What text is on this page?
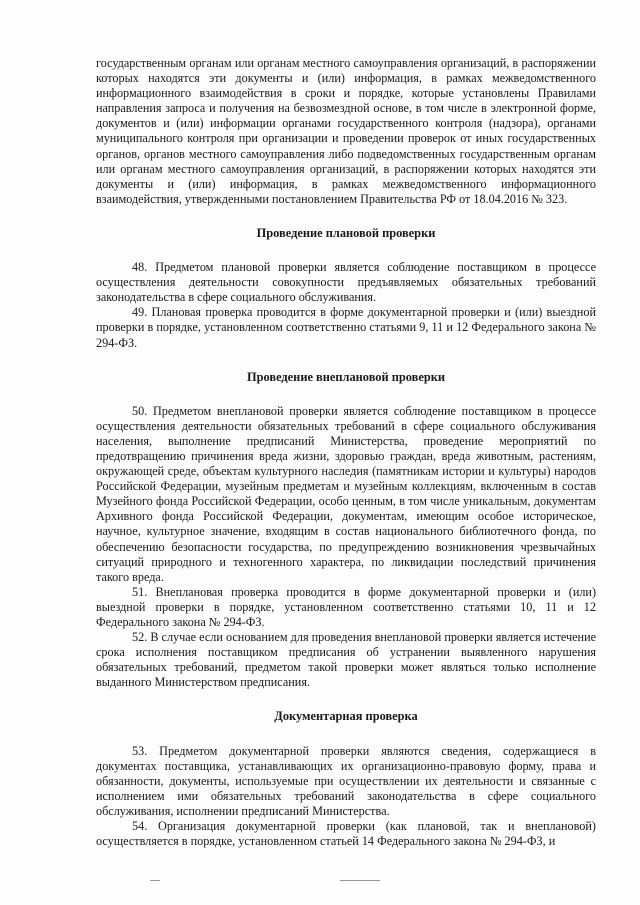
государственным органам или органам местного самоуправления организаций, в распоряжении которых находятся эти документы и (или) информация, в рамках межведомственного информационного взаимодействия в сроки и порядке, которые установлены Правилами направления запроса и получения на безвозмездной основе, в том числе в электронной форме, документов и (или) информации органами государственного контроля (надзора), органами муниципального контроля при организации и проведении проверок от иных государственных органов, органов местного самоуправления либо подведомственных государственным органам или органам местного самоуправления организаций, в распоряжении которых находятся эти документы и (или) информация, в рамках межведомственного информационного взаимодействия, утвержденными постановлением Правительства РФ от 18.04.2016 № 323.

Проведение плановой проверки

48. Предметом плановой проверки является соблюдение поставщиком в процессе осуществления деятельности совокупности предъявляемых обязательных требований законодательства в сфере социального обслуживания.

49. Плановая проверка проводится в форме документарной проверки и (или) выездной проверки в порядке, установленном соответственно статьями 9, 11 и 12 Федерального закона № 294-ФЗ.

Проведение внеплановой проверки

50. Предметом внеплановой проверки является соблюдение поставщиком в процессе осуществления деятельности обязательных требований в сфере социального обслуживания населения, выполнение предписаний Министерства, проведение мероприятий по предотвращению причинения вреда жизни, здоровью граждан, вреда животным, растениям, окружающей среде, объектам культурного наследия (памятникам истории и культуры) народов Российской Федерации, музейным предметам и музейным коллекциям, включенным в состав Музейного фонда Российской Федерации, особо ценным, в том числе уникальным, документам Архивного фонда Российской Федерации, документам, имеющим особое историческое, научное, культурное значение, входящим в состав национального библиотечного фонда, по обеспечению безопасности государства, по предупреждению возникновения чрезвычайных ситуаций природного и техногенного характера, по ликвидации последствий причинения такого вреда.

51. Внеплановая проверка проводится в форме документарной проверки и (или) выездной проверки в порядке, установленном соответственно статьями 10, 11 и 12 Федерального закона № 294-ФЗ.

52. В случае если основанием для проведения внеплановой проверки является истечение срока исполнения поставщиком предписания об устранении выявленного нарушения обязательных требований, предметом такой проверки может являться только исполнение выданного Министерством предписания.

Документарная проверка

53. Предметом документарной проверки являются сведения, содержащиеся в документах поставщика, устанавливающих их организационно-правовую форму, права и обязанности, документы, используемые при осуществлении их деятельности и связанные с исполнением ими обязательных требований законодательства в сфере социального обслуживания, исполнении предписаний Министерства.

54. Организация документарной проверки (как плановой, так и внеплановой) осуществляется в порядке, установленном статьей 14 Федерального закона № 294-ФЗ, и
